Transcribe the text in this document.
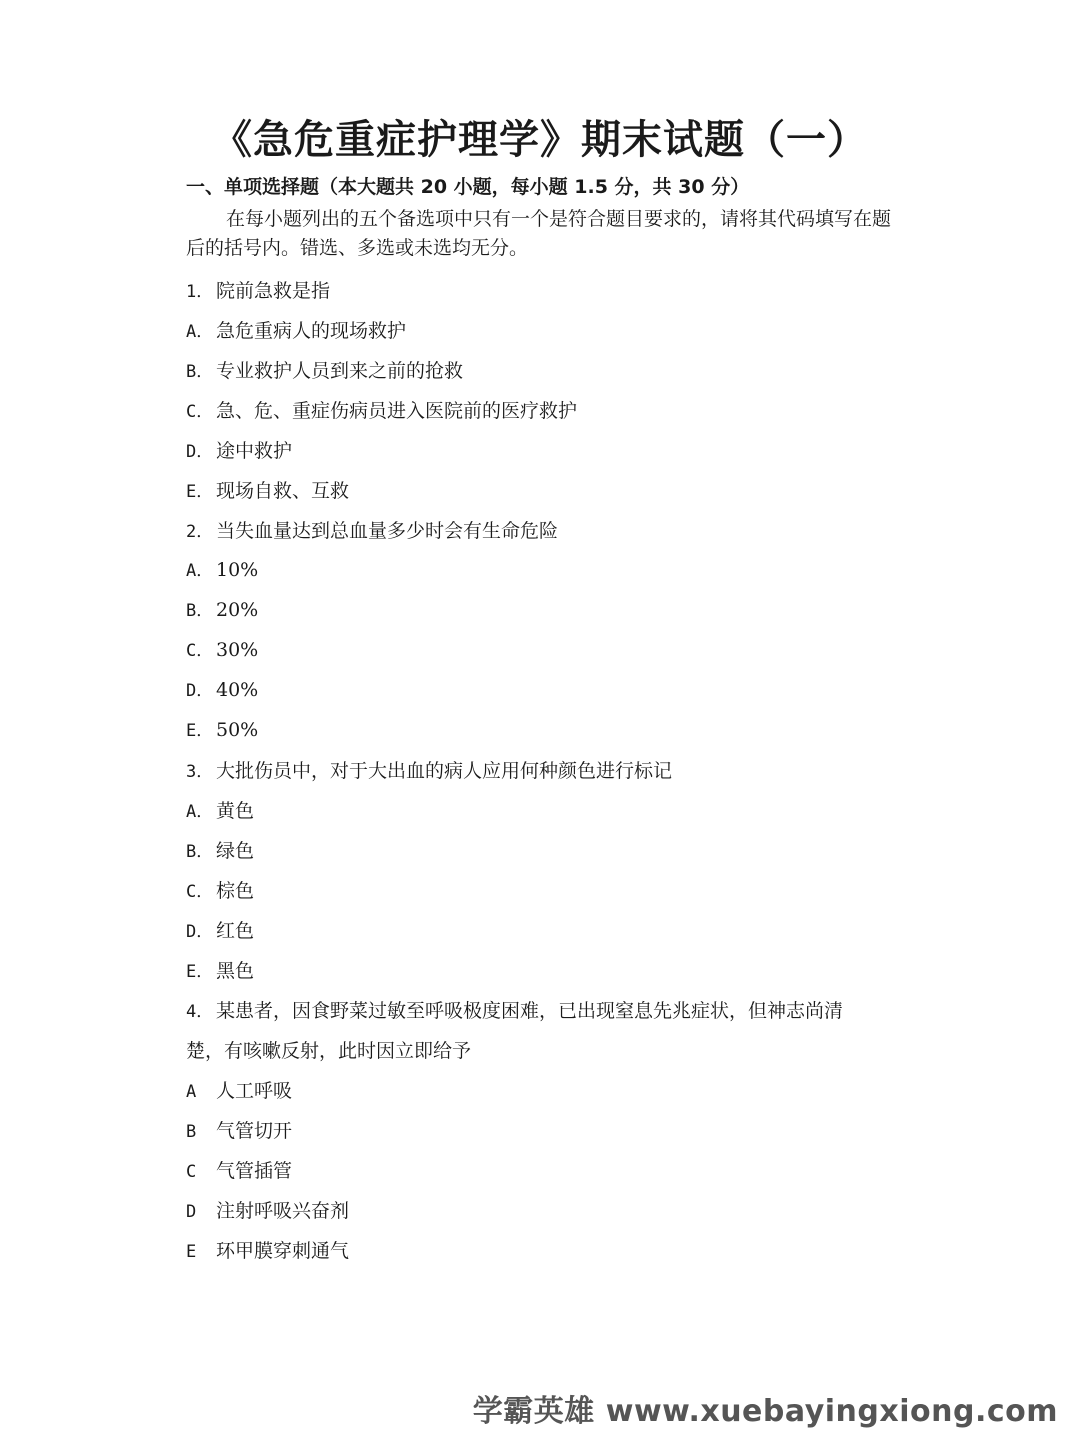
《急危重症护理学》期末试题（一）
一、单项选择题（本大题共 20 小题，每小题 1.5 分，共 30 分）
在每小题列出的五个备选项中只有一个是符合题目要求的，请将其代码填写在题后的括号内。错选、多选或未选均无分。
1． 院前急救是指
A． 急危重病人的现场救护
B． 专业救护人员到来之前的抢救
C． 急、危、重症伤病员进入医院前的医疗救护
D． 途中救护
E． 现场自救、互救
2． 当失血量达到总血量多少时会有生命危险
A． 10%
B． 20%
C． 30%
D． 40%
E． 50%
3． 大批伤员中，对于大出血的病人应用何种颜色进行标记
A． 黄色
B． 绿色
C． 棕色
D． 红色
E． 黑色
4． 某患者，因食野菜过敏至呼吸极度困难，已出现窒息先兆症状，但神志尚清
楚，有咳嗽反射，此时因立即给予
A 人工呼吸
B 气管切开
C 气管插管
D 注射呼吸兴奋剂
E 环甲膜穿刺通气
学霸英雄 www.xuebayingxiong.com
